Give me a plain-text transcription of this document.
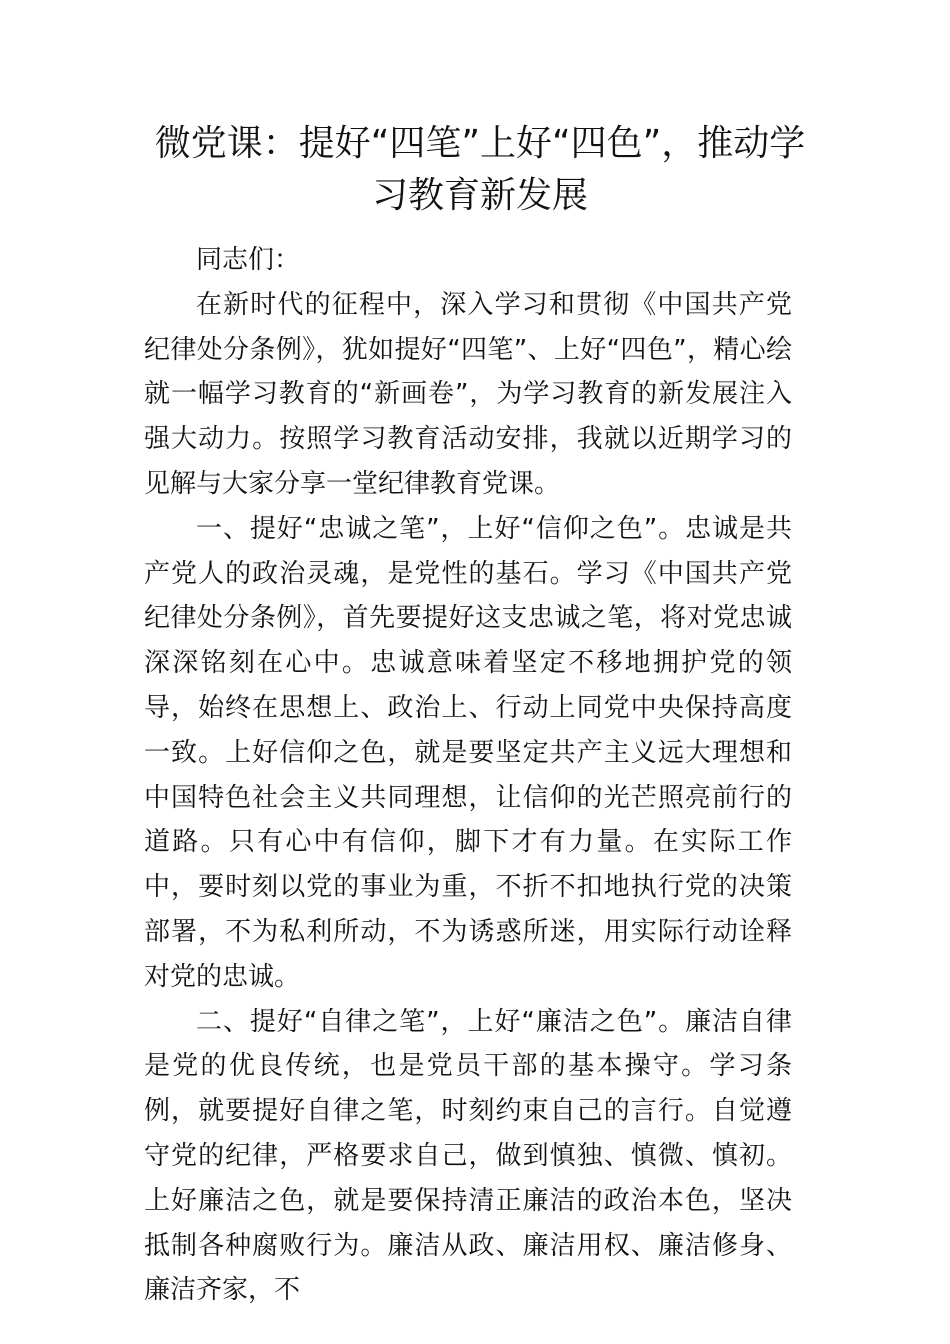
微党课：提好“四笔”上好“四色”，推动学习教育新发展

同志们：

在新时代的征程中，深入学习和贯彻《中国共产党纪律处分条例》，犹如提好“四笔”、上好“四色”，精心绘就一幅学习教育的“新画卷”，为学习教育的新发展注入强大动力。按照学习教育活动安排，我就以近期学习的见解与大家分享一堂纪律教育党课。

一、提好“忠诚之笔”，上好“信仰之色”。忠诚是共产党人的政治灵魂，是党性的基石。学习《中国共产党纪律处分条例》，首先要提好这支忠诚之笔，将对党忠诚深深铭刻在心中。忠诚意味着坚定不移地拥护党的领导，始终在思想上、政治上、行动上同党中央保持高度一致。上好信仰之色，就是要坚定共产主义远大理想和中国特色社会主义共同理想，让信仰的光芒照亮前行的道路。只有心中有信仰，脚下才有力量。在实际工作中，要时刻以党的事业为重，不折不扣地执行党的决策部署，不为私利所动，不为诱惑所迷，用实际行动诠释对党的忠诚。

二、提好“自律之笔”，上好“廉洁之色”。廉洁自律是党的优良传统，也是党员干部的基本操守。学习条例，就要提好自律之笔，时刻约束自己的言行。自觉遵守党的纪律，严格要求自己，做到慎独、慎微、慎初。上好廉洁之色，就是要保持清正廉洁的政治本色，坚决抵制各种腐败行为。廉洁从政、廉洁用权、廉洁修身、廉洁齐家，不
